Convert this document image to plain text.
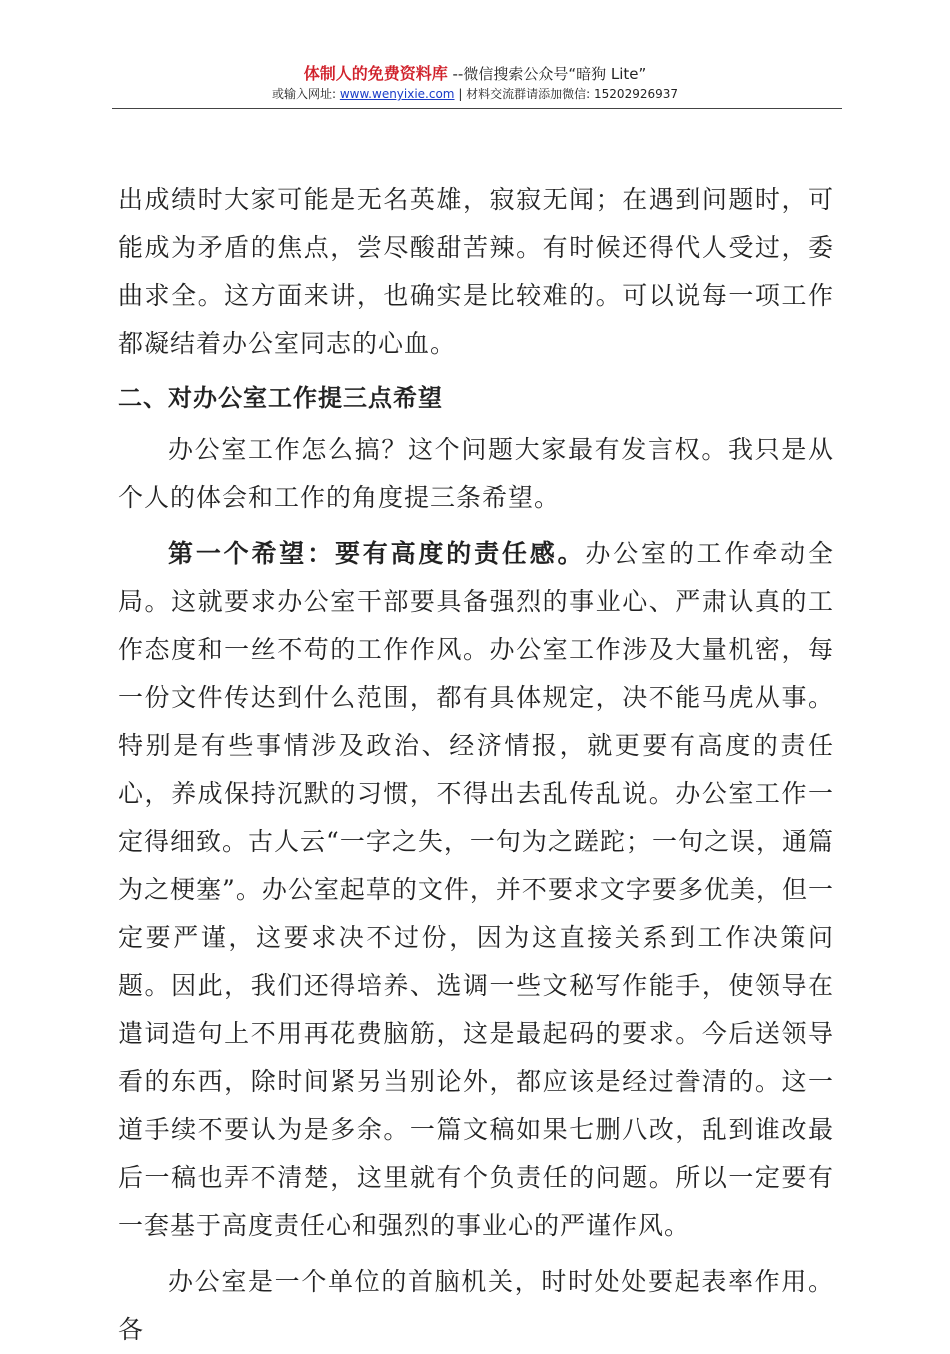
体制人的免费资料库 --微信搜索公众号“暗狗 Lite”
或输入网址: www.wenyixie.com | 材料交流群请添加微信: 15202926937

出成绩时大家可能是无名英雄，寂寂无闻；在遇到问题时，可能成为矛盾的焦点，尝尽酸甜苦辣。有时候还得代人受过，委曲求全。这方面来讲，也确实是比较难的。可以说每一项工作都凝结着办公室同志的心血。

二、对办公室工作提三点希望

办公室工作怎么搞？这个问题大家最有发言权。我只是从个人的体会和工作的角度提三条希望。

第一个希望：要有高度的责任感。办公室的工作牵动全局。这就要求办公室干部要具备强烈的事业心、严肃认真的工作态度和一丝不苟的工作作风。办公室工作涉及大量机密，每一份文件传达到什么范围，都有具体规定，决不能马虎从事。特别是有些事情涉及政治、经济情报，就更要有高度的责任心，养成保持沉默的习惯，不得出去乱传乱说。办公室工作一定得细致。古人云“一字之失，一句为之蹉跎；一句之误，通篇为之梗塞”。办公室起草的文件，并不要求文字要多优美，但一定要严谨，这要求决不过份，因为这直接关系到工作决策问题。因此，我们还得培养、选调一些文秘写作能手，使领导在遣词造句上不用再花费脑筋，这是最起码的要求。今后送领导看的东西，除时间紧另当别论外，都应该是经过誊清的。这一道手续不要认为是多余。一篇文稿如果七删八改，乱到谁改最后一稿也弄不清楚，这里就有个负责任的问题。所以一定要有一套基于高度责任心和强烈的事业心的严谨作风。

办公室是一个单位的首脑机关，时时处处要起表率作用。各
